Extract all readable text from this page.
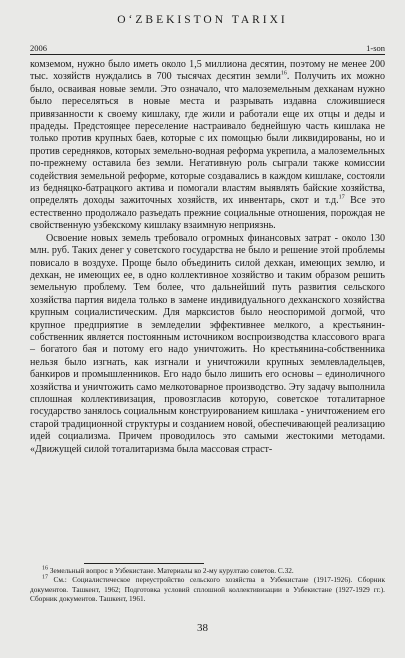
O‘ZBEKISTON TARIXI
2006	1-son

комземом, нужно было иметь около 1,5 миллиона десятин, поэтому не менее 200 тыс. хозяйств нуждались в 700 тысячах десятин земли$^{16}$. Получить их можно было, осваивая новые земли. Это означало, что малоземельным дехканам нужно было переселяться в новые места и разрывать издавна сложившиеся привязанности к своему кишлаку, где жили и работали еще их отцы и деды и прадеды. Предстоящее переселение настраивало беднейшую часть кишлака не только против крупных баев, которые с их помощью были ликвидированы, но и против середняков, которых земельно-водная реформа укрепила, а малоземельных по-прежнему оставила без земли. Негативную роль сыграли также комиссии содействия земельной реформе, которые создавались в каждом кишлаке, состояли из бедняцко-батрацкого актива и помогали властям выявлять байские хозяйства, определять доходы зажиточных хозяйств, их инвентарь, скот и т.д.$^{17}$ Все это естественно продолжало разъедать прежние социальные отношения, порождая не свойственную узбекскому кишлаку взаимную неприязнь.

Освоение новых земель требовало огромных финансовых затрат - около 130 млн. руб. Таких денег у советского государства не было и решение этой проблемы повисало в воздухе. Проще было объединить силой дехкан, имеющих землю, и дехкан, не имеющих ее, в одно коллективное хозяйство и таким образом решить земельную проблему. Тем более, что дальнейший путь развития сельского хозяйства партия видела только в замене индивидуального дехканского хозяйства крупным социалистическим. Для марксистов было неоспоримой догмой, что крупное предприятие в земледелии эффективнее мелкого, а крестьянин-собственник является постоянным источником воспроизводства классового врага – богатого бая и потому его надо уничтожить. Но крестьянина-собственника нельзя было изгнать, как изгнали и уничтожили крупных землевладельцев, банкиров и промышленников. Его надо было лишить его основы – единоличного хозяйства и уничтожить само мелкотоварное производство. Эту задачу выполнила сплошная коллективизация, провозгласив которую, советское тоталитарное государство занялось социальным конструированием кишлака - уничтожением его старой традиционной структуры и созданием новой, обеспечивающей реализацию идей социализма. Причем проводилось это самыми жестокими методами. «Движущей силой тоталитаризма была массовая страст-

$^{16}$ Земельный вопрос в Узбекистане. Материалы ко 2-му курултаю советов. С.32.
$^{17}$ См.: Социалистическое переустройство сельского хозяйства в Узбекистане (1917-1926). Сборник документов. Ташкент, 1962; Подготовка условий сплошной коллективизации в Узбекистане (1927-1929 гг.). Сборник документов. Ташкент, 1961.
38
